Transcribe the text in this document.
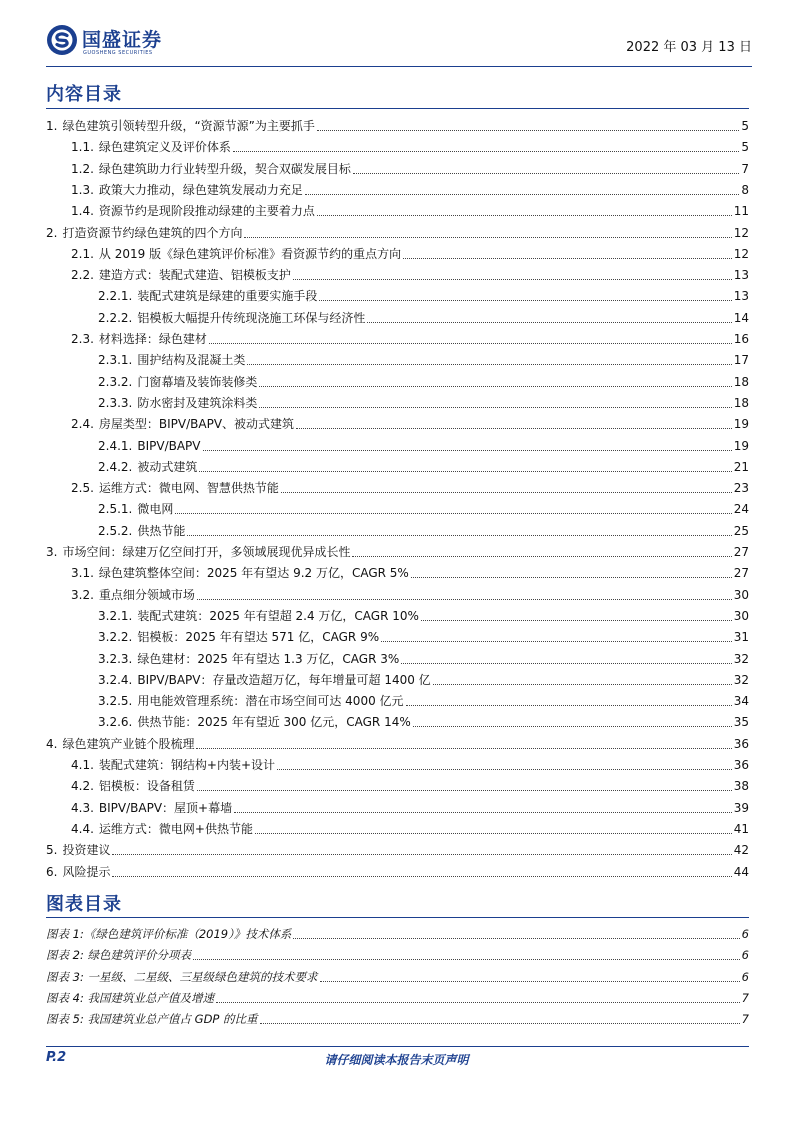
国盛证券
GUOSHENG SECURITIES	2022 年 03 月 13 日
内容目录
1. 绿色建筑引领转型升级，“资源节源”为主要抓手	5
1.1. 绿色建筑定义及评价体系	5
1.2. 绿色建筑助力行业转型升级，契合双碳发展目标	7
1.3. 政策大力推动，绿色建筑发展动力充足	8
1.4. 资源节约是现阶段推动绿建的主要着力点	11
2. 打造资源节约绿色建筑的四个方向	12
2.1. 从 2019 版《绿色建筑评价标准》看资源节约的重点方向	12
2.2. 建造方式：装配式建造、铝模板支护	13
2.2.1. 装配式建筑是绿建的重要实施手段	13
2.2.2. 铝模板大幅提升传统现浇施工环保与经济性	14
2.3. 材料选择：绿色建材	16
2.3.1. 围护结构及混凝土类	17
2.3.2. 门窗幕墙及装饰装修类	18
2.3.3. 防水密封及建筑涂料类	18
2.4. 房屋类型：BIPV/BAPV、被动式建筑	19
2.4.1. BIPV/BAPV	19
2.4.2. 被动式建筑	21
2.5. 运维方式：微电网、智慧供热节能	23
2.5.1. 微电网	24
2.5.2. 供热节能	25
3. 市场空间：绿建万亿空间打开，多领域展现优异成长性	27
3.1. 绿色建筑整体空间：2025 年有望达 9.2 万亿，CAGR 5%	27
3.2. 重点细分领域市场	30
3.2.1. 装配式建筑：2025 年有望超 2.4 万亿，CAGR 10%	30
3.2.2. 铝模板：2025 年有望达 571 亿，CAGR 9%	31
3.2.3. 绿色建材：2025 年有望达 1.3 万亿，CAGR 3%	32
3.2.4. BIPV/BAPV：存量改造超万亿，每年增量可超 1400 亿	32
3.2.5. 用电能效管理系统：潜在市场空间可达 4000 亿元	34
3.2.6. 供热节能：2025 年有望近 300 亿元，CAGR 14%	35
4. 绿色建筑产业链个股梳理	36
4.1. 装配式建筑：钢结构+内装+设计	36
4.2. 铝模板：设备租赁	38
4.3. BIPV/BAPV：屋顶+幕墙	39
4.4. 运维方式：微电网+供热节能	41
5. 投资建议	42
6. 风险提示	44
图表目录
图表 1:《绿色建筑评价标准（2019）》技术体系	6
图表 2: 绿色建筑评价分项表	6
图表 3: 一星级、二星级、三星级绿色建筑的技术要求	6
图表 4: 我国建筑业总产值及增速	7
图表 5: 我国建筑业总产值占 GDP 的比重	7
P.2	请仔细阅读本报告末页声明
